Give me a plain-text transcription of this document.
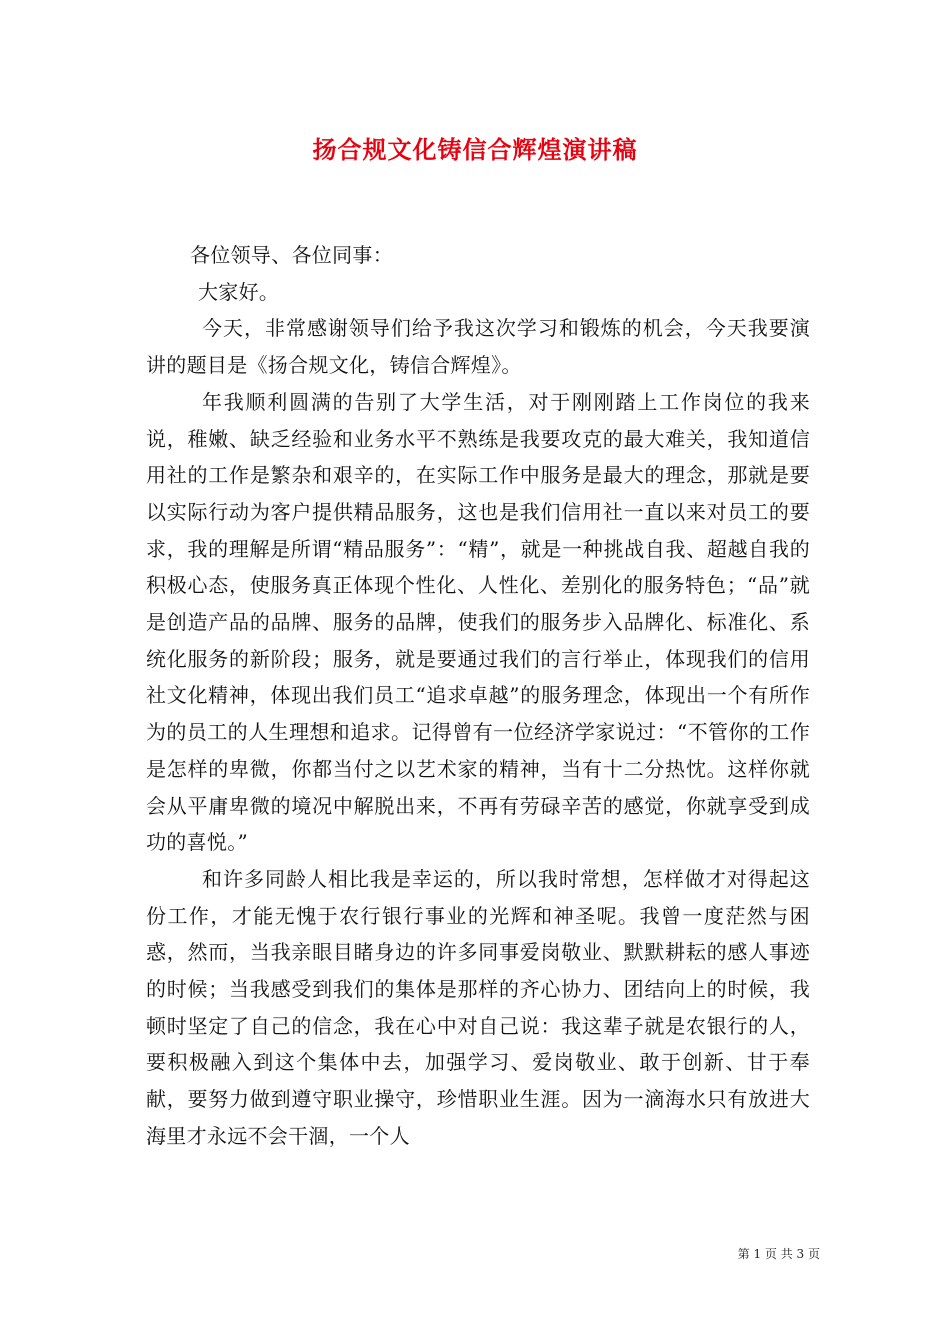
扬合规文化铸信合辉煌演讲稿

各位领导、各位同事：

大家好。

今天，非常感谢领导们给予我这次学习和锻炼的机会，今天我要演讲的题目是《扬合规文化，铸信合辉煌》。

年我顺利圆满的告别了大学生活，对于刚刚踏上工作岗位的我来说，稚嫩、缺乏经验和业务水平不熟练是我要攻克的最大难关，我知道信用社的工作是繁杂和艰辛的，在实际工作中服务是最大的理念，那就是要以实际行动为客户提供精品服务，这也是我们信用社一直以来对员工的要求，我的理解是所谓“精品服务”：“精”，就是一种挑战自我、超越自我的积极心态，使服务真正体现个性化、人性化、差别化的服务特色；“品”就是创造产品的品牌、服务的品牌，使我们的服务步入品牌化、标准化、系统化服务的新阶段；服务，就是要通过我们的言行举止，体现我们的信用社文化精神，体现出我们员工“追求卓越”的服务理念，体现出一个有所作为的员工的人生理想和追求。记得曾有一位经济学家说过：“不管你的工作是怎样的卑微，你都当付之以艺术家的精神，当有十二分热忱。这样你就会从平庸卑微的境况中解脱出来，不再有劳碌辛苦的感觉，你就享受到成功的喜悦。”

和许多同龄人相比我是幸运的，所以我时常想，怎样做才对得起这份工作，才能无愧于农行银行事业的光辉和神圣呢。我曾一度茫然与困惑，然而，当我亲眼目睹身边的许多同事爱岗敬业、默默耕耘的感人事迹的时候；当我感受到我们的集体是那样的齐心协力、团结向上的时候，我顿时坚定了自己的信念，我在心中对自己说：我这辈子就是农银行的人，要积极融入到这个集体中去，加强学习、爱岗敬业、敢于创新、甘于奉献，要努力做到遵守职业操守，珍惜职业生涯。因为一滴海水只有放进大海里才永远不会干涸，一个人

第 1 页 共 3 页
